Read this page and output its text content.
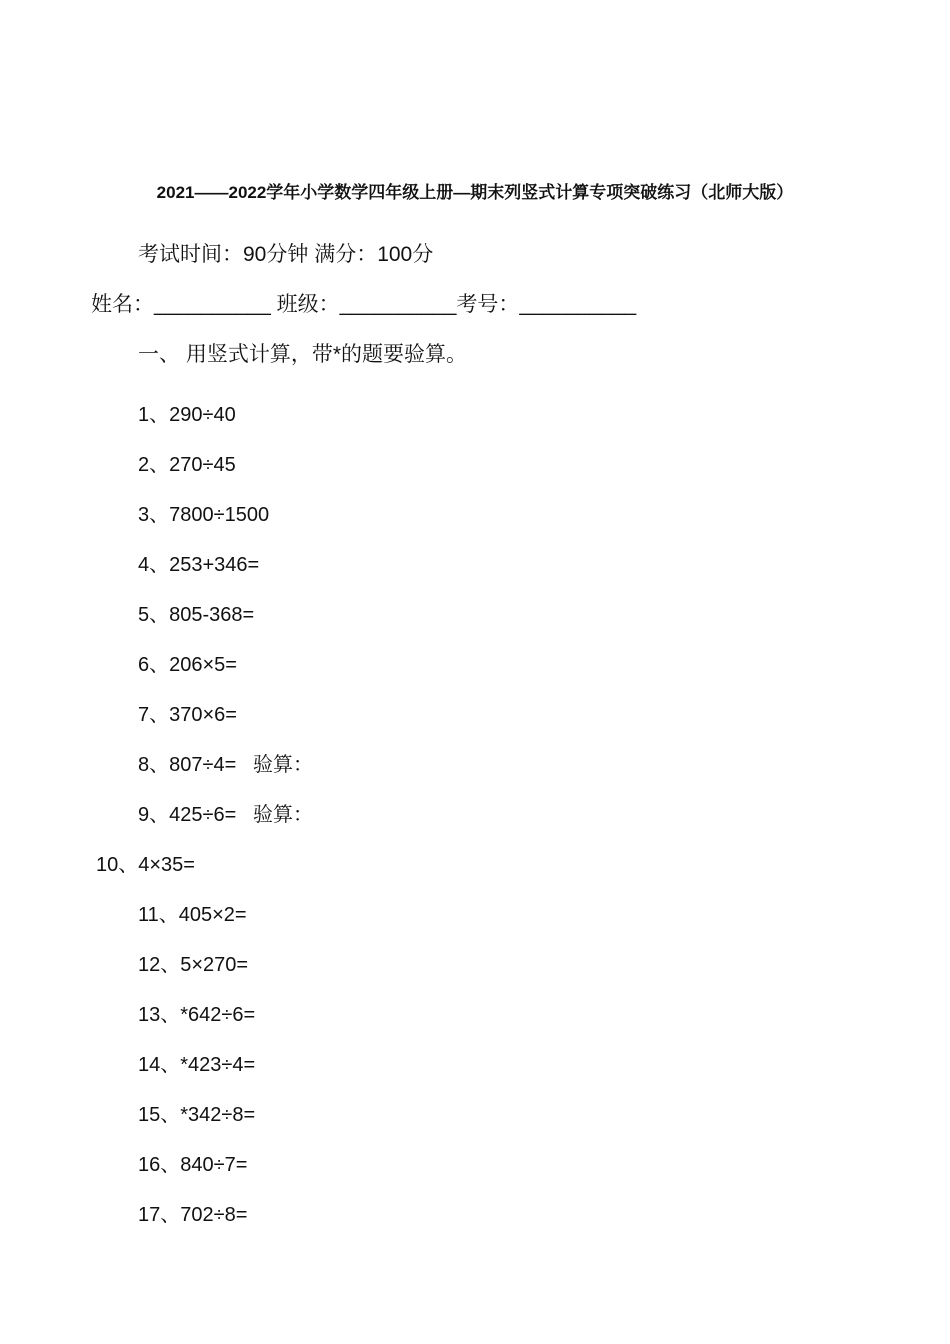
2021——2022学年小学数学四年级上册—期末列竖式计算专项突破练习（北师大版）
考试时间：90分钟 满分：100分
姓名：__________ 班级：__________考号：__________
一、 用竖式计算，带*的题要验算。
1、290÷40
2、270÷45
3、7800÷1500
4、253+346=
5、805-368=
6、206×5=
7、370×6=
8、807÷4=   验算：
9、425÷6=   验算：
10、4×35=
11、405×2=
12、5×270=
13、*642÷6=
14、*423÷4=
15、*342÷8=
16、840÷7=
17、702÷8=
